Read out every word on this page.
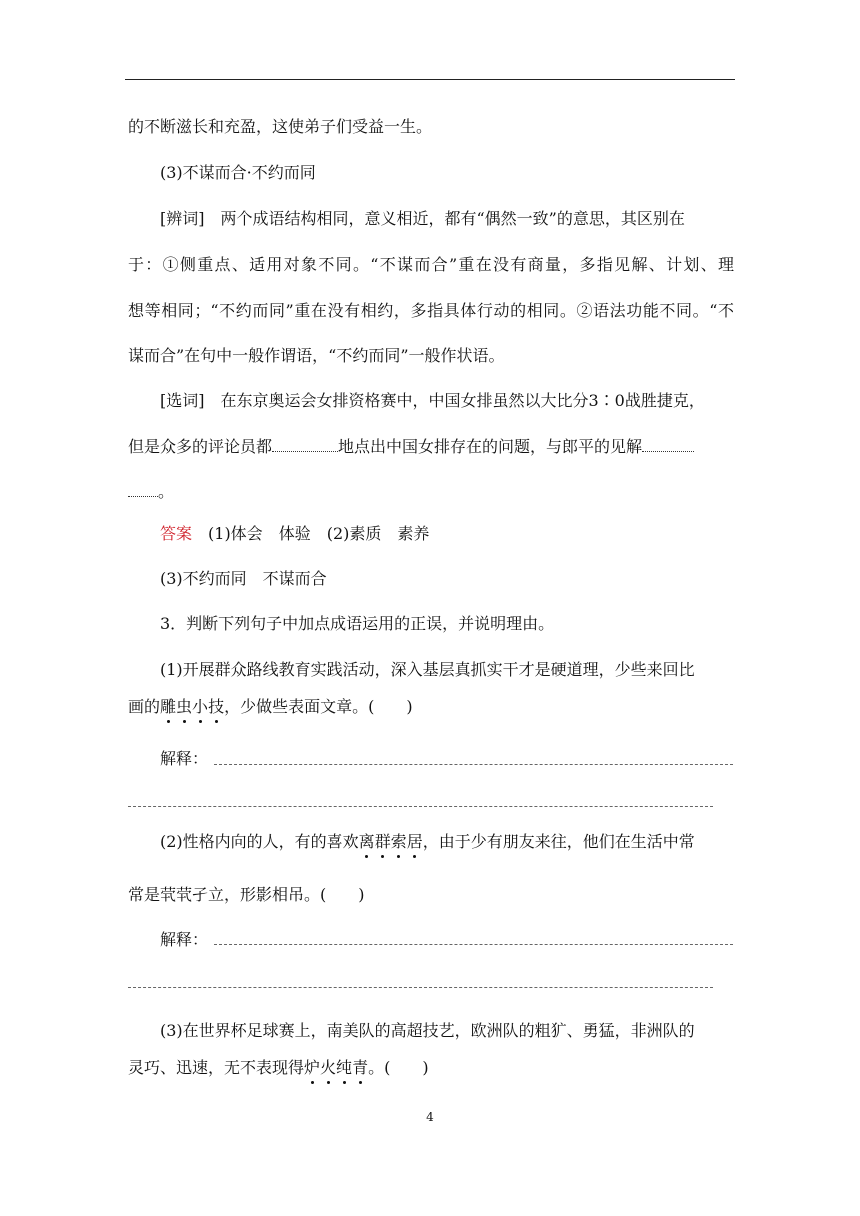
的不断滋长和充盈，这使弟子们受益一生。
(3)不谋而合·不约而同
[辨词] 两个成语结构相同，意义相近，都有“偶然一致”的意思，其区别在
于：①侧重点、适用对象不同。“不谋而合”重在没有商量，多指见解、计划、理
想等相同；“不约而同”重在没有相约，多指具体行动的相同。②语法功能不同。“不
谋而合”在句中一般作谓语，“不约而同”一般作状语。
[选词] 在东京奥运会女排资格赛中，中国女排虽然以大比分3∶0战胜捷克，
但是众多的评论员都	地点出中国女排存在的问题，与郎平的见解
。
答案 (1)体会 体验 (2)素质 素养
(3)不约而同 不谋而合
3．判断下列句子中加点成语运用的正误，并说明理由。
(1)开展群众路线教育实践活动，深入基层真抓实干才是硬道理，少些来回比
画的雕虫小技，少做些表面文章。(　　)
解释：
(2)性格内向的人，有的喜欢离群索居，由于少有朋友来往，他们在生活中常
常是茕茕孑立，形影相吊。(　　)
解释：
(3)在世界杯足球赛上，南美队的高超技艺，欧洲队的粗犷、勇猛，非洲队的
灵巧、迅速，无不表现得炉火纯青。(　　)
4
